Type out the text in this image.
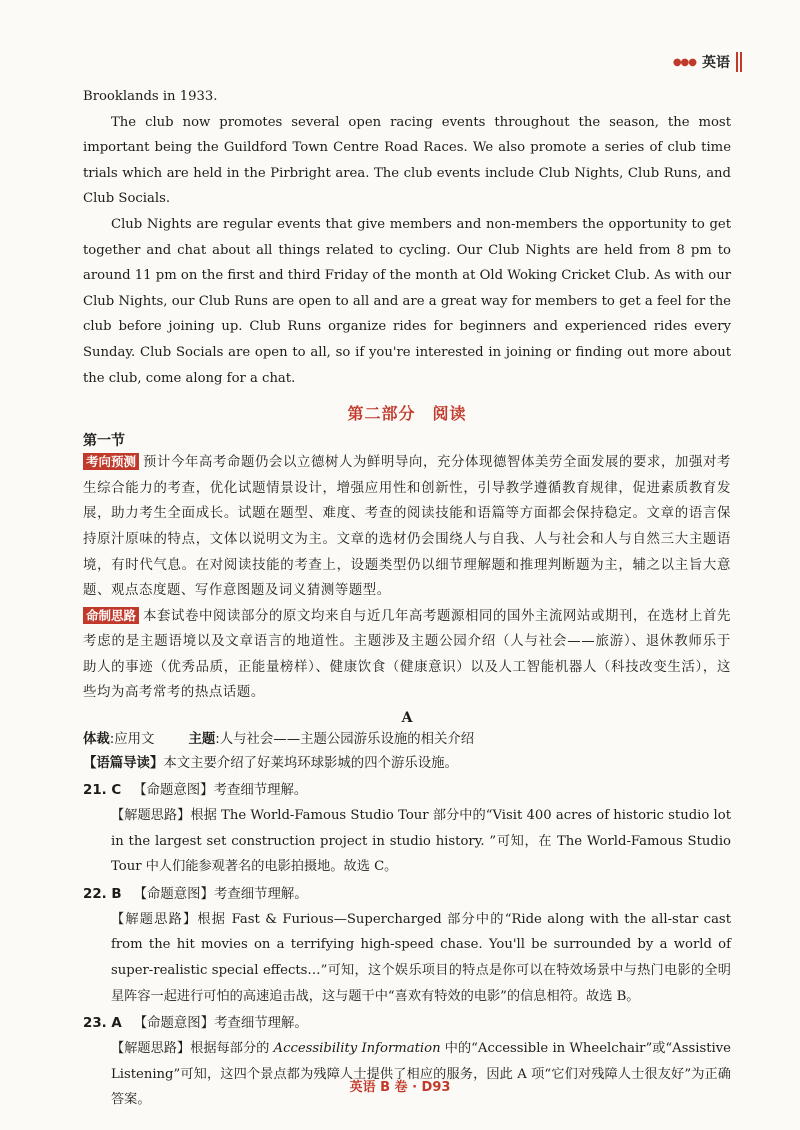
●●● 英语

Brooklands in 1933.

The club now promotes several open racing events throughout the season, the most important being the Guildford Town Centre Road Races. We also promote a series of club time trials which are held in the Pirbright area. The club events include Club Nights, Club Runs, and Club Socials.

Club Nights are regular events that give members and non-members the opportunity to get together and chat about all things related to cycling. Our Club Nights are held from 8 pm to around 11 pm on the first and third Friday of the month at Old Woking Cricket Club. As with our Club Nights, our Club Runs are open to all and are a great way for members to get a feel for the club before joining up. Club Runs organize rides for beginners and experienced rides every Sunday. Club Socials are open to all, so if you're interested in joining or finding out more about the club, come along for a chat.

第二部分　阅读
第一节

考向预测 预计今年高考命题仍会以立德树人为鲜明导向，充分体现德智体美劳全面发展的要求，加强对考生综合能力的考查，优化试题情景设计，增强应用性和创新性，引导教学遵循教育规律，促进素质教育发展，助力考生全面成长。试题在题型、难度、考查的阅读技能和语篇等方面都会保持稳定。文章的语言保持原汁原味的特点，文体以说明文为主。文章的选材仍会围绕人与自我、人与社会和人与自然三大主题语境，有时代气息。在对阅读技能的考查上，设题类型仍以细节理解题和推理判断题为主，辅之以主旨大意题、观点态度题、写作意图题及词义猜测等题型。

命制思路 本套试卷中阅读部分的原文均来自与近几年高考题源相同的国外主流网站或期刊，在选材上首先考虑的是主题语境以及文章语言的地道性。主题涉及主题公园介绍（人与社会——旅游）、退休教师乐于助人的事迹（优秀品质，正能量榜样）、健康饮食（健康意识）以及人工智能机器人（科技改变生活），这些均为高考常考的热点话题。

A
体裁:应用文	主题:人与社会——主题公园游乐设施的相关介绍
【语篇导读】本文主要介绍了好莱坞环球影城的四个游乐设施。
21. C 【命题意图】考查细节理解。
【解题思路】根据 The World-Famous Studio Tour 部分中的“Visit 400 acres of historic studio lot in the largest set construction project in studio history. ”可知，在 The World-Famous Studio Tour 中人们能参观著名的电影拍摄地。故选 C。
22. B 【命题意图】考查细节理解。
【解题思路】根据 Fast & Furious—Supercharged 部分中的“Ride along with the all-star cast from the hit movies on a terrifying high-speed chase. You'll be surrounded by a world of super-realistic special effects…”可知，这个娱乐项目的特点是你可以在特效场景中与热门电影的全明星阵容一起进行可怕的高速追击战，这与题干中“喜欢有特效的电影”的信息相符。故选 B。
23. A 【命题意图】考查细节理解。
【解题思路】根据每部分的 Accessibility Information 中的“Accessible in Wheelchair”或“Assistive Listening”可知，这四个景点都为残障人士提供了相应的服务，因此 A 项“它们对残障人士很友好”为正确答案。
英语 B 卷 · D93
